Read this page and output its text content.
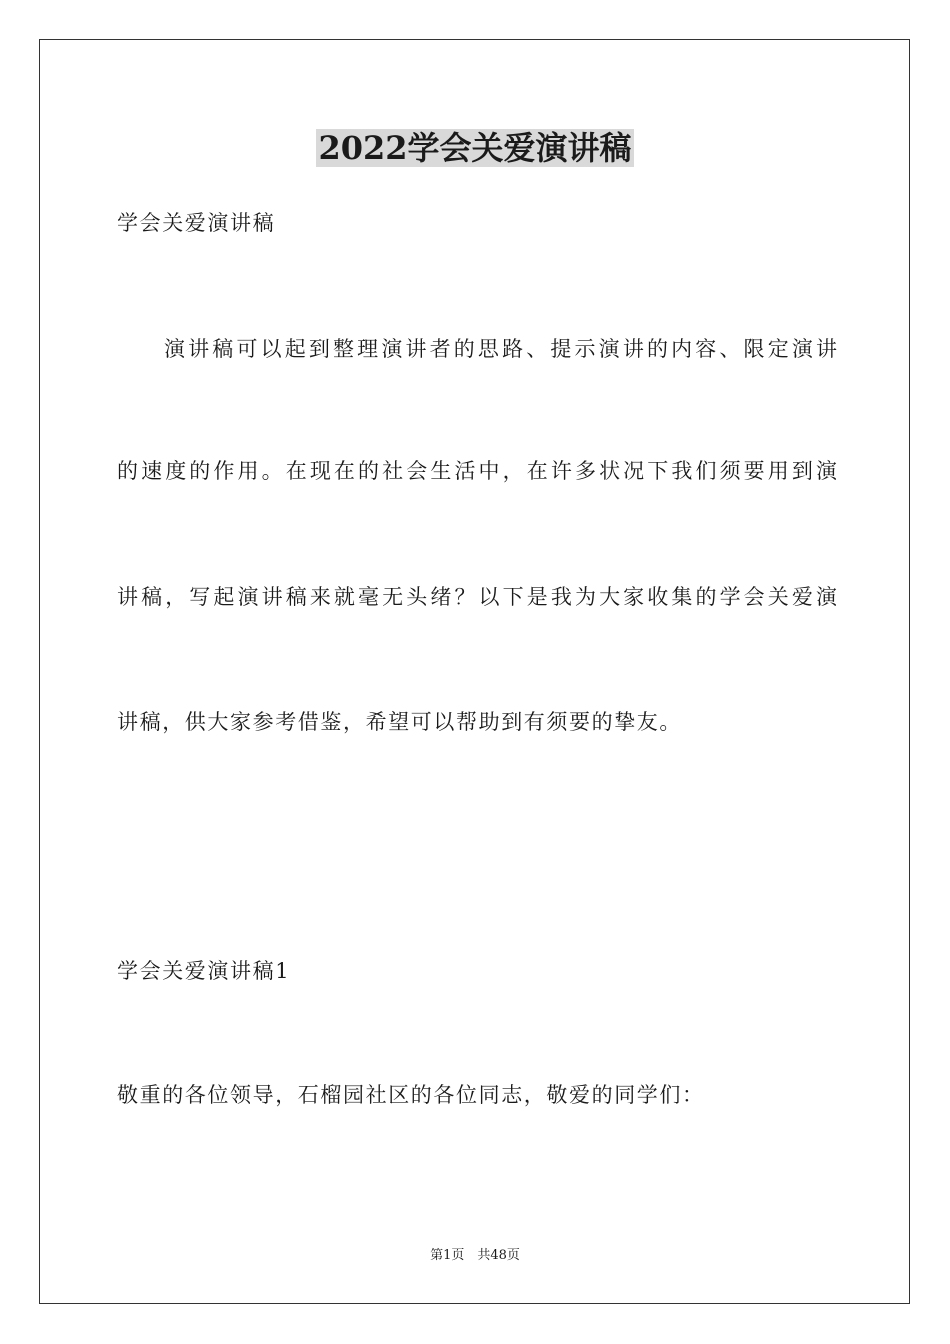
2022学会关爱演讲稿
学会关爱演讲稿
演讲稿可以起到整理演讲者的思路、提示演讲的内容、限定演讲
的速度的作用。在现在的社会生活中，在许多状况下我们须要用到演
讲稿，写起演讲稿来就毫无头绪？以下是我为大家收集的学会关爱演
讲稿，供大家参考借鉴，希望可以帮助到有须要的挚友。
学会关爱演讲稿1
敬重的各位领导，石榴园社区的各位同志，敬爱的同学们：
第1页　共48页
